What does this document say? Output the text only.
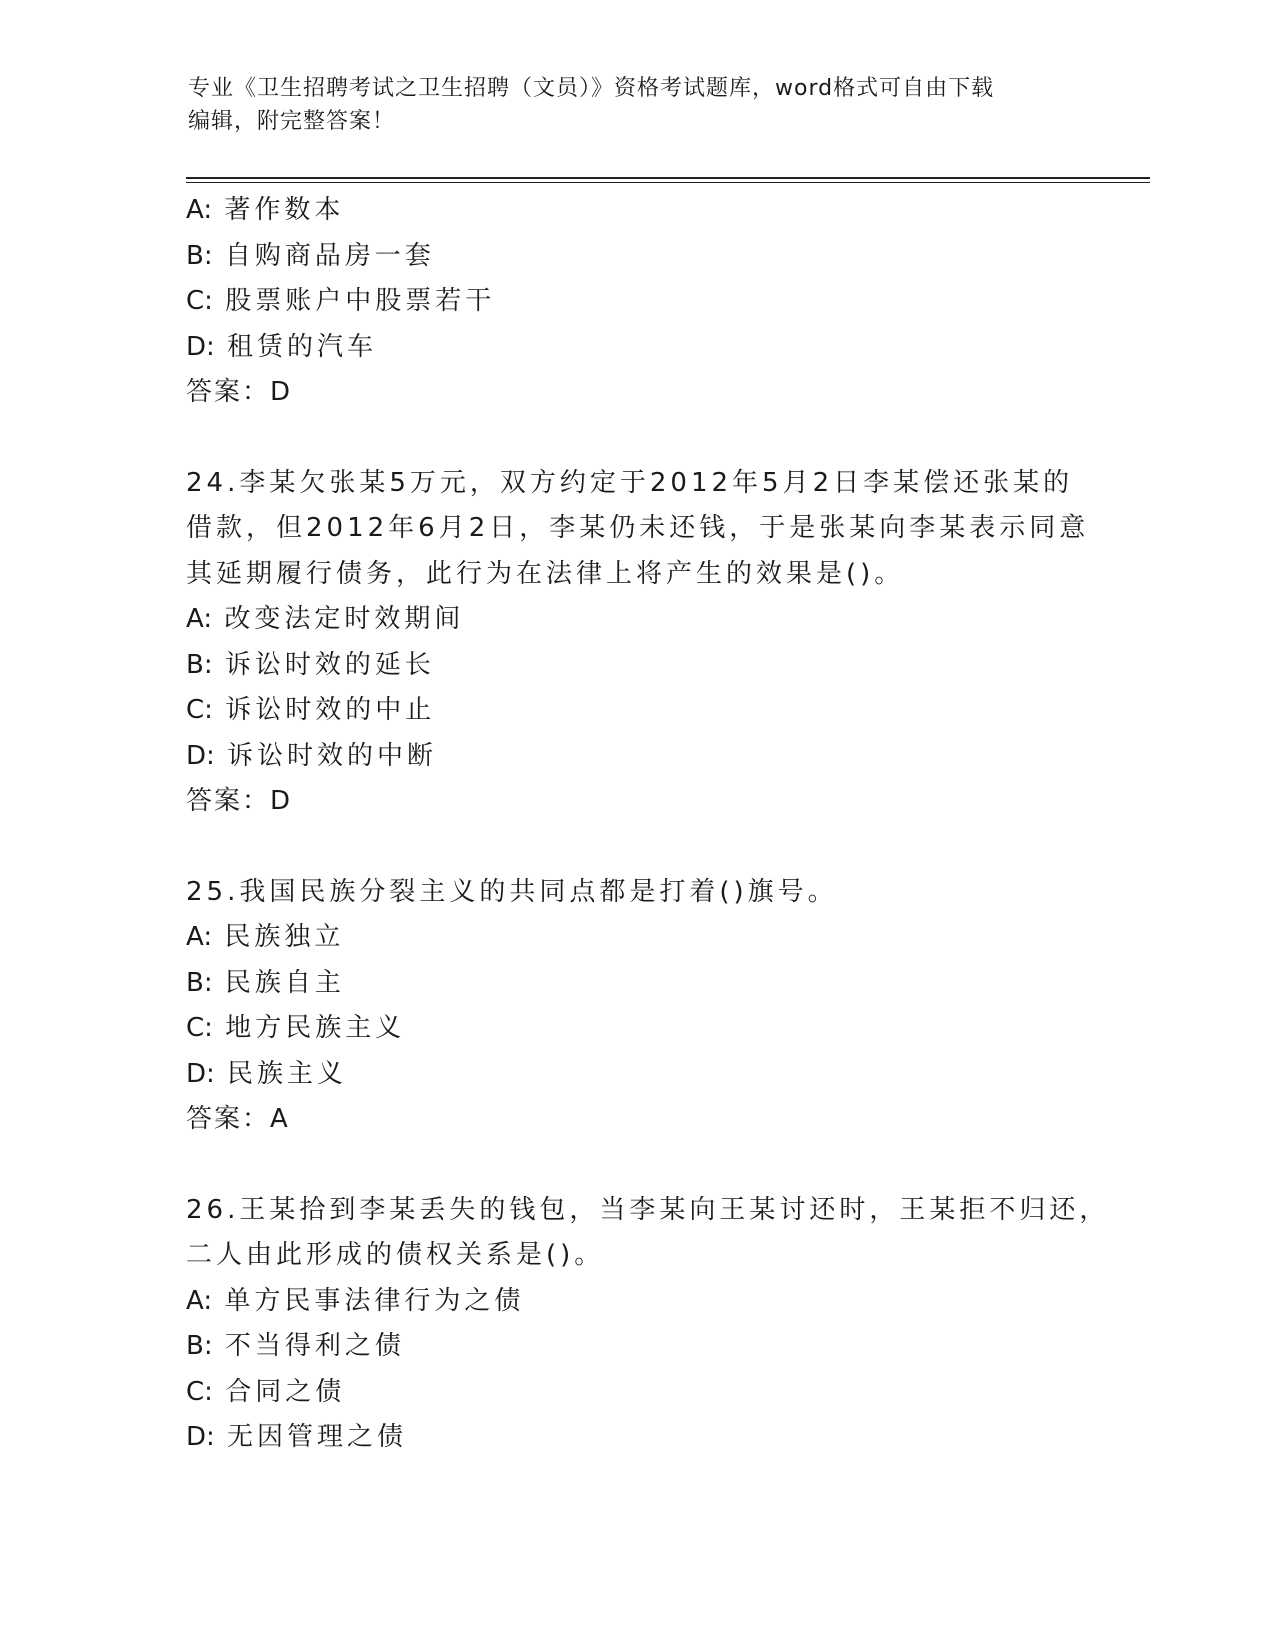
专业《卫生招聘考试之卫生招聘（文员）》资格考试题库，word格式可自由下载
编辑，附完整答案！
A: 著作数本
B: 自购商品房一套
C: 股票账户中股票若干
D: 租赁的汽车
答案：D
24.李某欠张某5万元，双方约定于2012年5月2日李某偿还张某的
借款，但2012年6月2日，李某仍未还钱，于是张某向李某表示同意
其延期履行债务，此行为在法律上将产生的效果是()。
A: 改变法定时效期间
B: 诉讼时效的延长
C: 诉讼时效的中止
D: 诉讼时效的中断
答案：D
25.我国民族分裂主义的共同点都是打着()旗号。
A: 民族独立
B: 民族自主
C: 地方民族主义
D: 民族主义
答案：A
26.王某拾到李某丢失的钱包，当李某向王某讨还时，王某拒不归还，
二人由此形成的债权关系是()。
A: 单方民事法律行为之债
B: 不当得利之债
C: 合同之债
D: 无因管理之债
